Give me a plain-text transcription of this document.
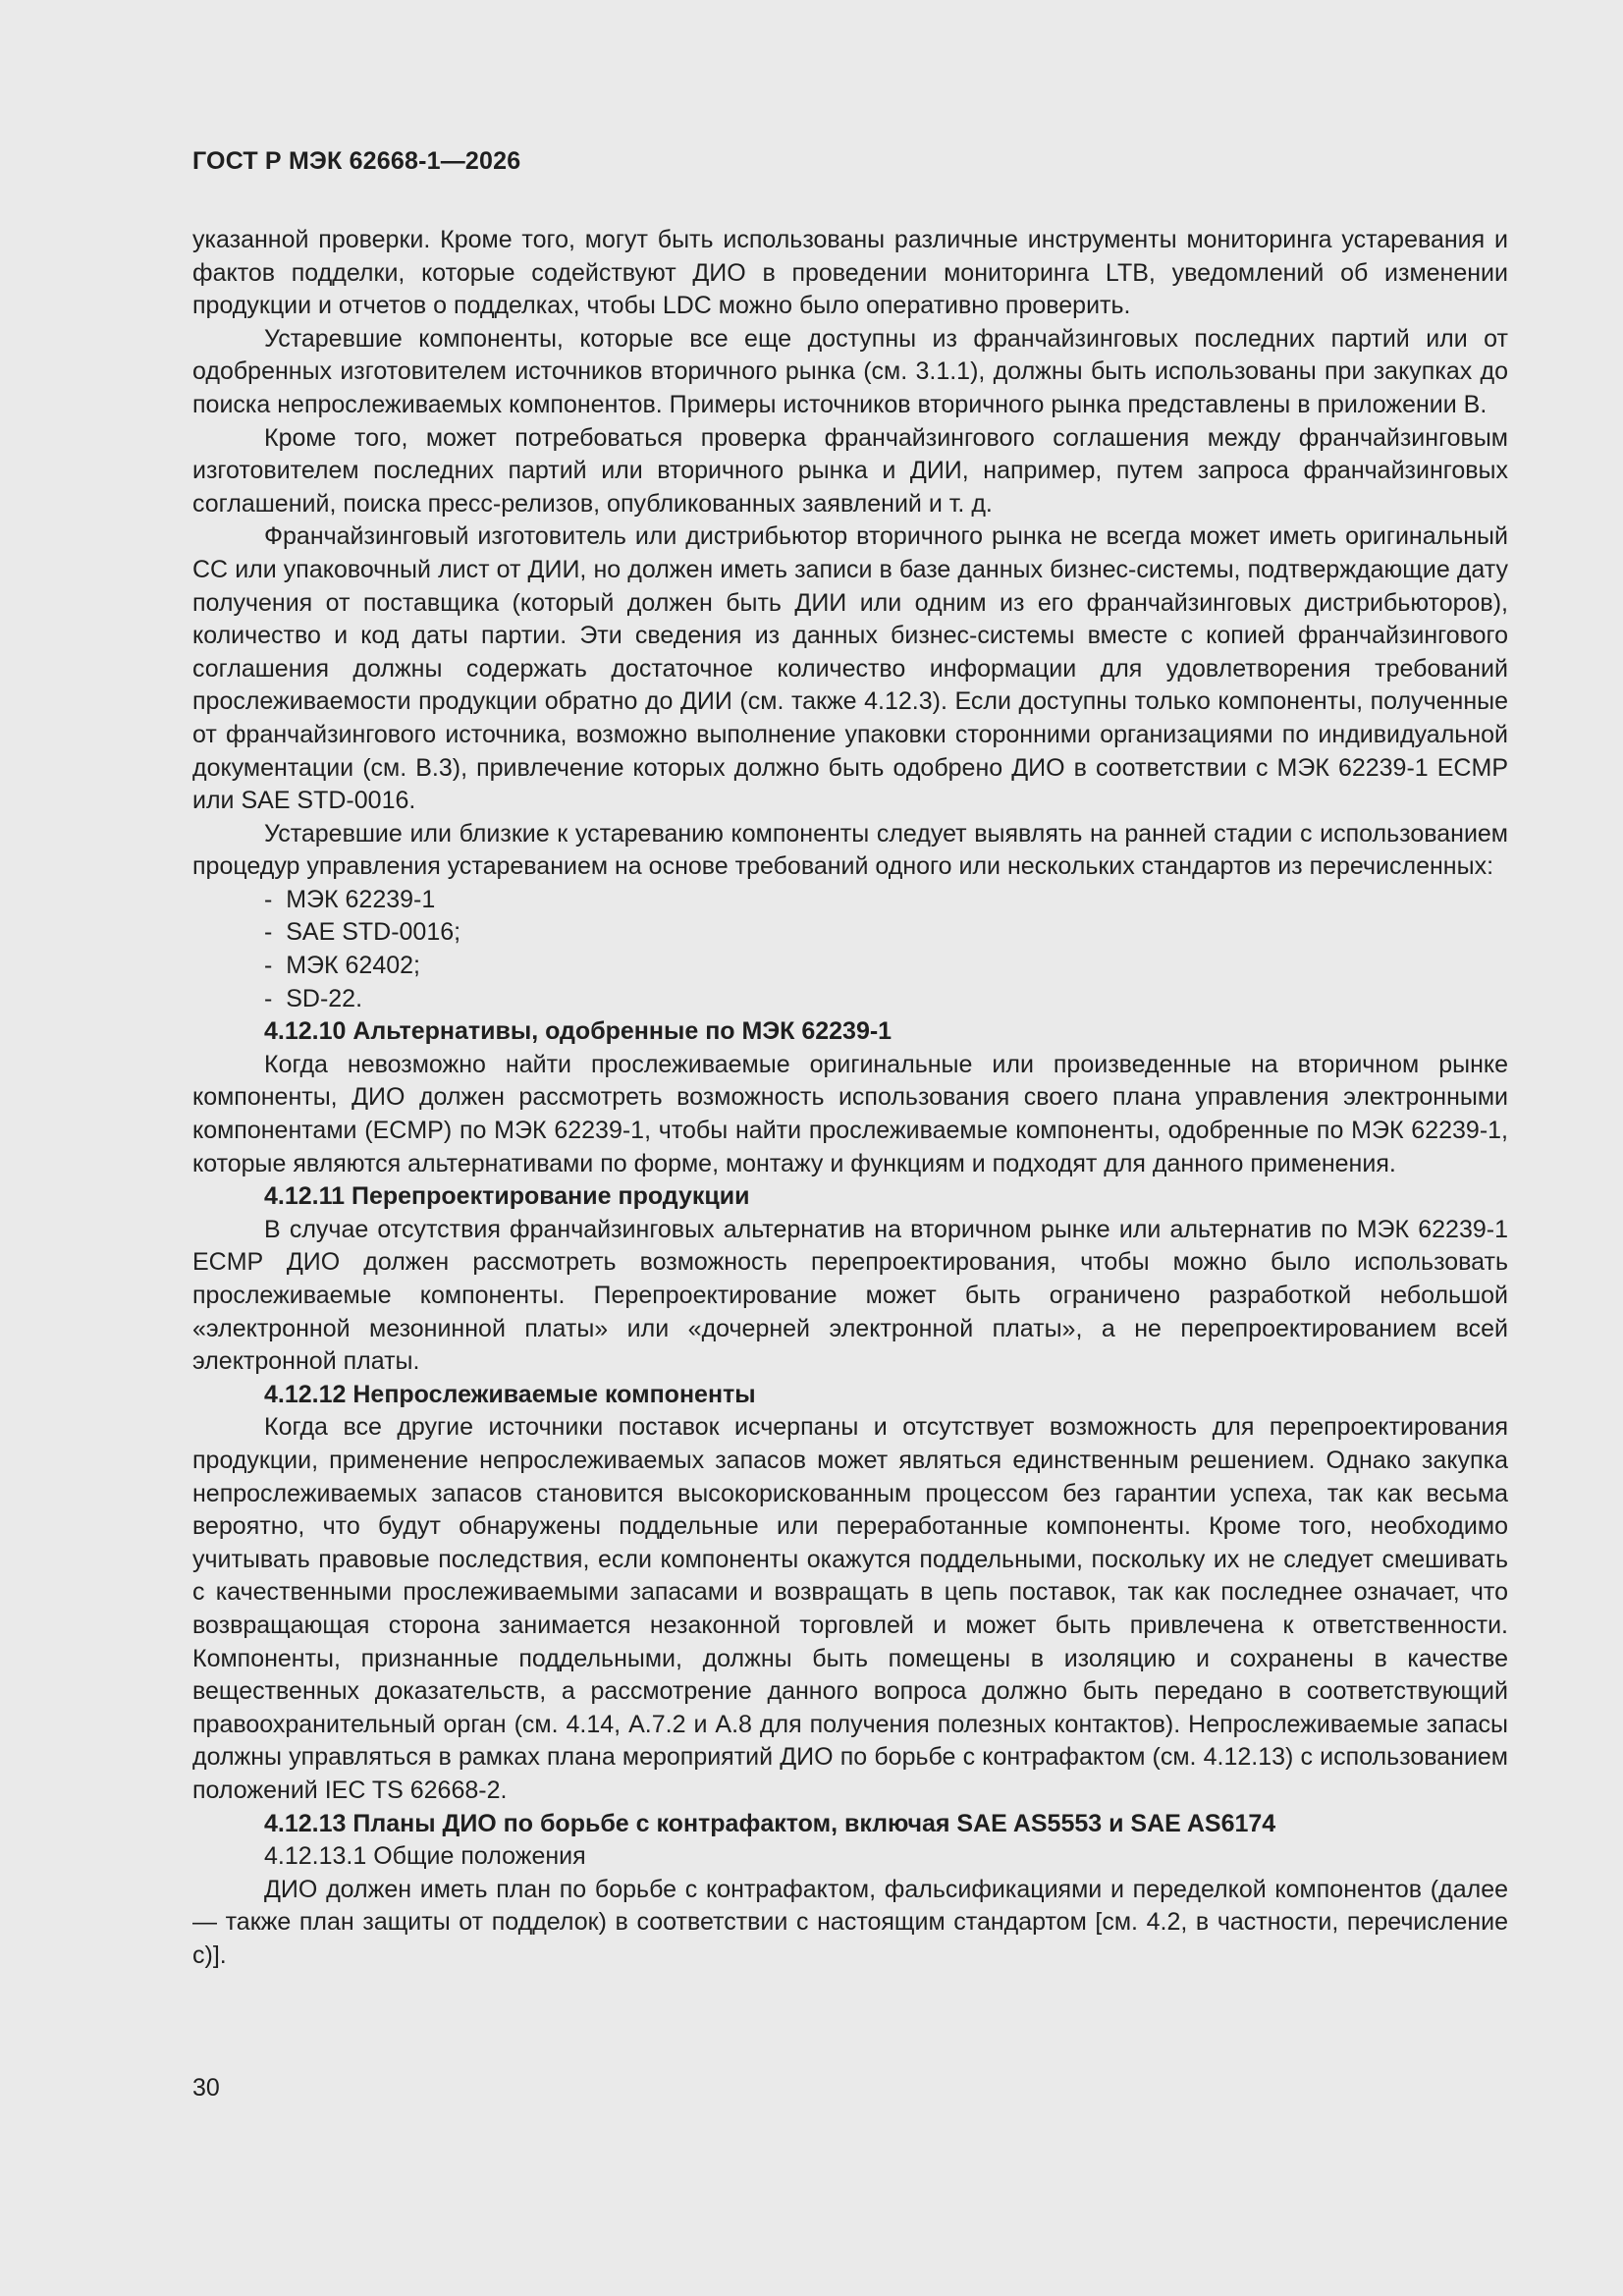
ГОСТ Р МЭК 62668-1—2026

указанной проверки. Кроме того, могут быть использованы различные инструменты мониторинга устаревания и фактов подделки, которые содействуют ДИО в проведении мониторинга LTB, уведомлений об изменении продукции и отчетов о подделках, чтобы LDC можно было оперативно проверить.

Устаревшие компоненты, которые все еще доступны из франчайзинговых последних партий или от одобренных изготовителем источников вторичного рынка (см. 3.1.1), должны быть использованы при закупках до поиска непрослеживаемых компонентов. Примеры источников вторичного рынка представлены в приложении В.

Кроме того, может потребоваться проверка франчайзингового соглашения между франчайзинговым изготовителем последних партий или вторичного рынка и ДИИ, например, путем запроса франчайзинговых соглашений, поиска пресс-релизов, опубликованных заявлений и т. д.

Франчайзинговый изготовитель или дистрибьютор вторичного рынка не всегда может иметь оригинальный СС или упаковочный лист от ДИИ, но должен иметь записи в базе данных бизнес-системы, подтверждающие дату получения от поставщика (который должен быть ДИИ или одним из его франчайзинговых дистрибьюторов), количество и код даты партии. Эти сведения из данных бизнес-системы вместе с копией франчайзингового соглашения должны содержать достаточное количество информации для удовлетворения требований прослеживаемости продукции обратно до ДИИ (см. также 4.12.3). Если доступны только компоненты, полученные от франчайзингового источника, возможно выполнение упаковки сторонними организациями по индивидуальной документации (см. В.3), привлечение которых должно быть одобрено ДИО в соответствии с МЭК 62239-1 ECMP или SAE STD-0016.

Устаревшие или близкие к устареванию компоненты следует выявлять на ранней стадии с использованием процедур управления устареванием на основе требований одного или нескольких стандартов из перечисленных:

-  МЭК 62239-1
-  SAE STD-0016;
-  МЭК 62402;
-  SD-22.

4.12.10 Альтернативы, одобренные по МЭК 62239-1

Когда невозможно найти прослеживаемые оригинальные или произведенные на вторичном рынке компоненты, ДИО должен рассмотреть возможность использования своего плана управления электронными компонентами (ECMP) по МЭК 62239-1, чтобы найти прослеживаемые компоненты, одобренные по МЭК 62239-1, которые являются альтернативами по форме, монтажу и функциям и подходят для данного применения.

4.12.11 Перепроектирование продукции

В случае отсутствия франчайзинговых альтернатив на вторичном рынке или альтернатив по МЭК 62239-1 ECMP ДИО должен рассмотреть возможность перепроектирования, чтобы можно было использовать прослеживаемые компоненты. Перепроектирование может быть ограничено разработкой небольшой «электронной мезонинной платы» или «дочерней электронной платы», а не перепроектированием всей электронной платы.

4.12.12 Непрослеживаемые компоненты

Когда все другие источники поставок исчерпаны и отсутствует возможность для перепроектирования продукции, применение непрослеживаемых запасов может являться единственным решением. Однако закупка непрослеживаемых запасов становится высокорискованным процессом без гарантии успеха, так как весьма вероятно, что будут обнаружены поддельные или переработанные компоненты. Кроме того, необходимо учитывать правовые последствия, если компоненты окажутся поддельными, поскольку их не следует смешивать с качественными прослеживаемыми запасами и возвращать в цепь поставок, так как последнее означает, что возвращающая сторона занимается незаконной торговлей и может быть привлечена к ответственности. Компоненты, признанные поддельными, должны быть помещены в изоляцию и сохранены в качестве вещественных доказательств, а рассмотрение данного вопроса должно быть передано в соответствующий правоохранительный орган (см. 4.14, А.7.2 и А.8 для получения полезных контактов). Непрослеживаемые запасы должны управляться в рамках плана мероприятий ДИО по борьбе с контрафактом (см. 4.12.13) с использованием положений IEC TS 62668-2.

4.12.13 Планы ДИО по борьбе с контрафактом, включая SAE AS5553 и SAE AS6174

4.12.13.1 Общие положения

ДИО должен иметь план по борьбе с контрафактом, фальсификациями и переделкой компонентов (далее — также план защиты от подделок) в соответствии с настоящим стандартом [см. 4.2, в частности, перечисление с)].

30
